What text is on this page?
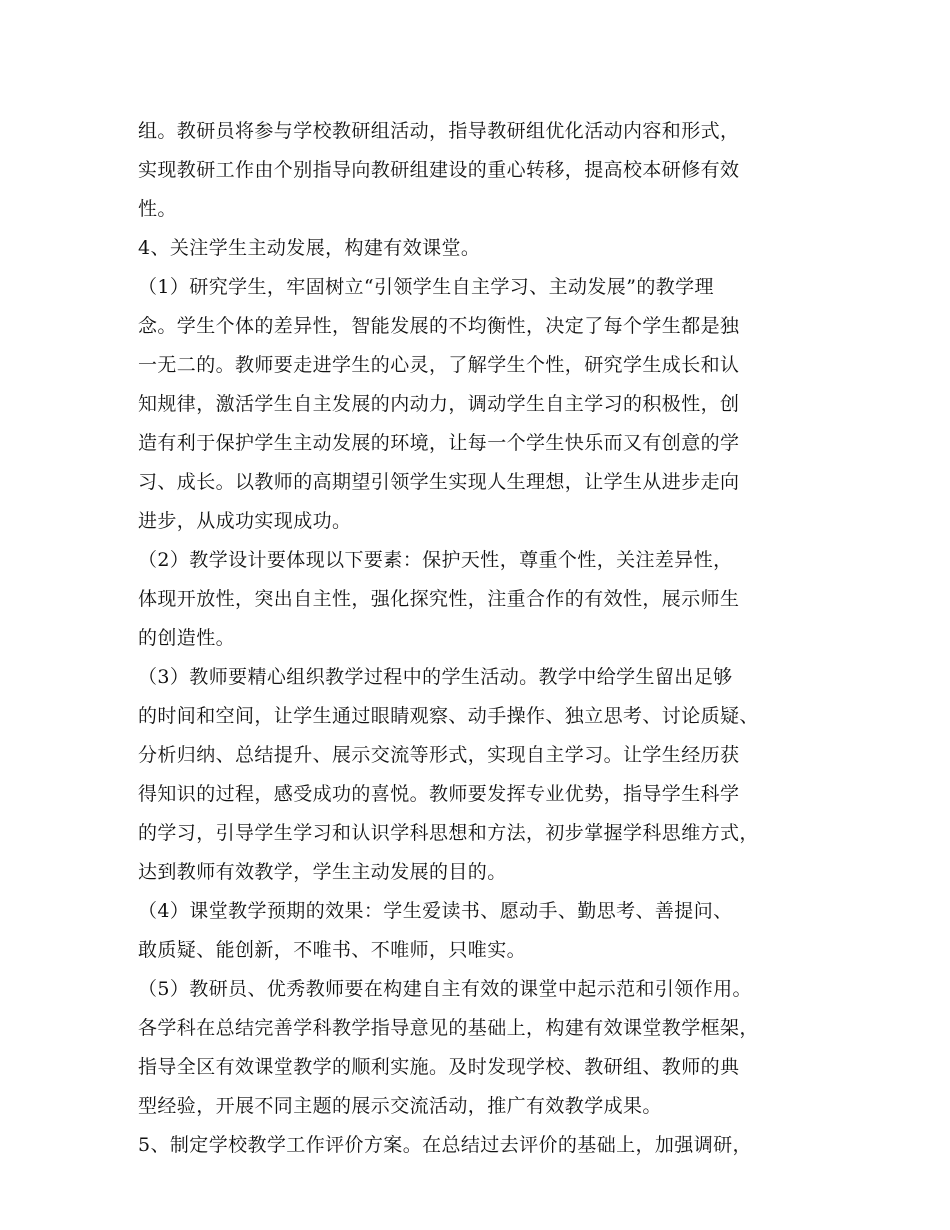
组。教研员将参与学校教研组活动，指导教研组优化活动内容和形式，
实现教研工作由个别指导向教研组建设的重心转移，提高校本研修有效
性。
4、关注学生主动发展，构建有效课堂。
（1）研究学生，牢固树立“引领学生自主学习、主动发展”的教学理
念。学生个体的差异性，智能发展的不均衡性，决定了每个学生都是独
一无二的。教师要走进学生的心灵，了解学生个性，研究学生成长和认
知规律，激活学生自主发展的内动力，调动学生自主学习的积极性，创
造有利于保护学生主动发展的环境，让每一个学生快乐而又有创意的学
习、成长。以教师的高期望引领学生实现人生理想，让学生从进步走向
进步，从成功实现成功。
（2）教学设计要体现以下要素：保护天性，尊重个性，关注差异性，
体现开放性，突出自主性，强化探究性，注重合作的有效性，展示师生
的创造性。
（3）教师要精心组织教学过程中的学生活动。教学中给学生留出足够
的时间和空间，让学生通过眼睛观察、动手操作、独立思考、讨论质疑、
分析归纳、总结提升、展示交流等形式，实现自主学习。让学生经历获
得知识的过程，感受成功的喜悦。教师要发挥专业优势，指导学生科学
的学习，引导学生学习和认识学科思想和方法，初步掌握学科思维方式，
达到教师有效教学，学生主动发展的目的。
（4）课堂教学预期的效果：学生爱读书、愿动手、勤思考、善提问、
敢质疑、能创新，不唯书、不唯师，只唯实。
（5）教研员、优秀教师要在构建自主有效的课堂中起示范和引领作用。
各学科在总结完善学科教学指导意见的基础上，构建有效课堂教学框架，
指导全区有效课堂教学的顺利实施。及时发现学校、教研组、教师的典
型经验，开展不同主题的展示交流活动，推广有效教学成果。
5、制定学校教学工作评价方案。在总结过去评价的基础上，加强调研，
